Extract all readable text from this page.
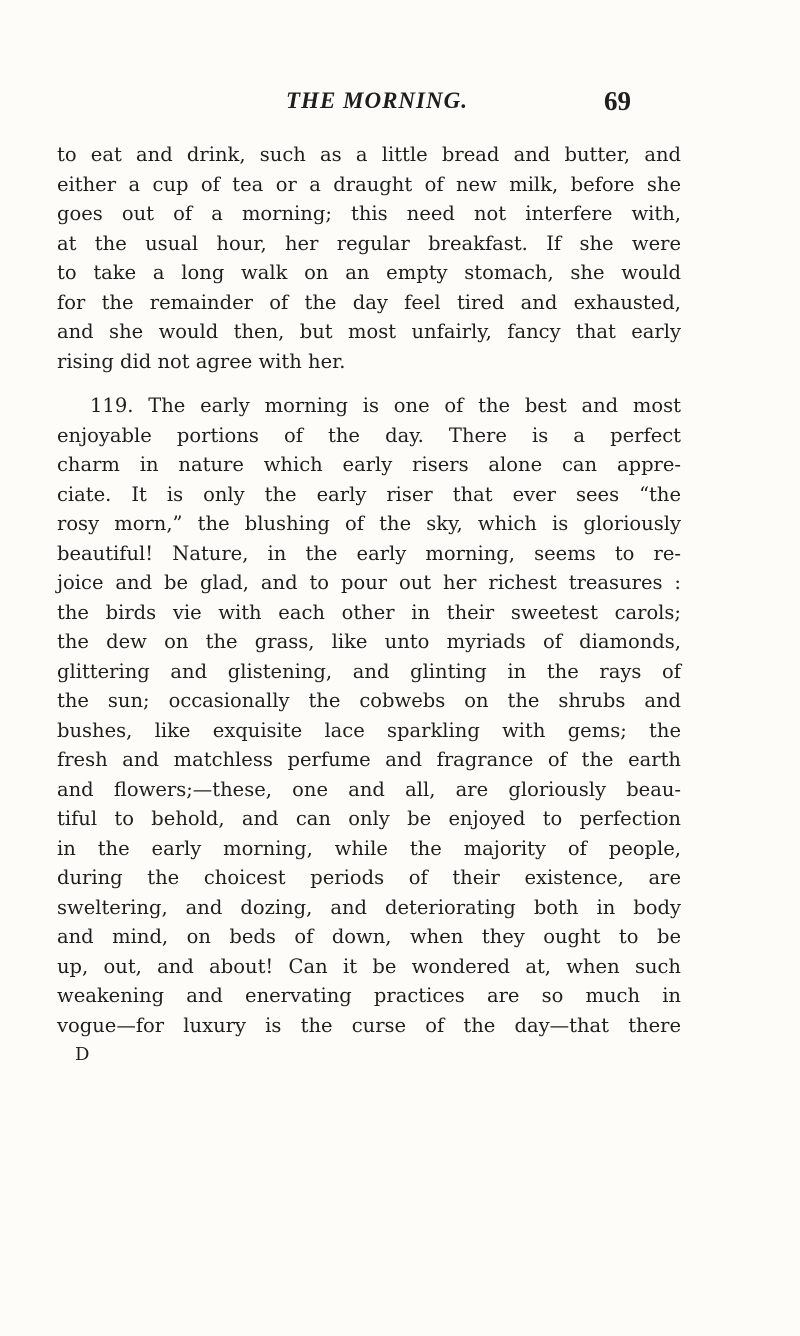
THE MORNING.	69
to eat and drink, such as a little bread and butter, and
either a cup of tea or a draught of new milk, before she
goes out of a morning; this need not interfere with,
at the usual hour, her regular breakfast. If she were
to take a long walk on an empty stomach, she would
for the remainder of the day feel tired and exhausted,
and she would then, but most unfairly, fancy that early
rising did not agree with her.
119. The early morning is one of the best and most
enjoyable portions of the day. There is a perfect
charm in nature which early risers alone can appre-
ciate. It is only the early riser that ever sees “the
rosy morn,” the blushing of the sky, which is gloriously
beautiful! Nature, in the early morning, seems to re-
joice and be glad, and to pour out her richest treasures :
the birds vie with each other in their sweetest carols;
the dew on the grass, like unto myriads of diamonds,
glittering and glistening, and glinting in the rays of
the sun; occasionally the cobwebs on the shrubs and
bushes, like exquisite lace sparkling with gems; the
fresh and matchless perfume and fragrance of the earth
and flowers;—these, one and all, are gloriously beau-
tiful to behold, and can only be enjoyed to perfection
in the early morning, while the majority of people,
during the choicest periods of their existence, are
sweltering, and dozing, and deteriorating both in body
and mind, on beds of down, when they ought to be
up, out, and about! Can it be wondered at, when such
weakening and enervating practices are so much in
vogue—for luxury is the curse of the day—that there
D
